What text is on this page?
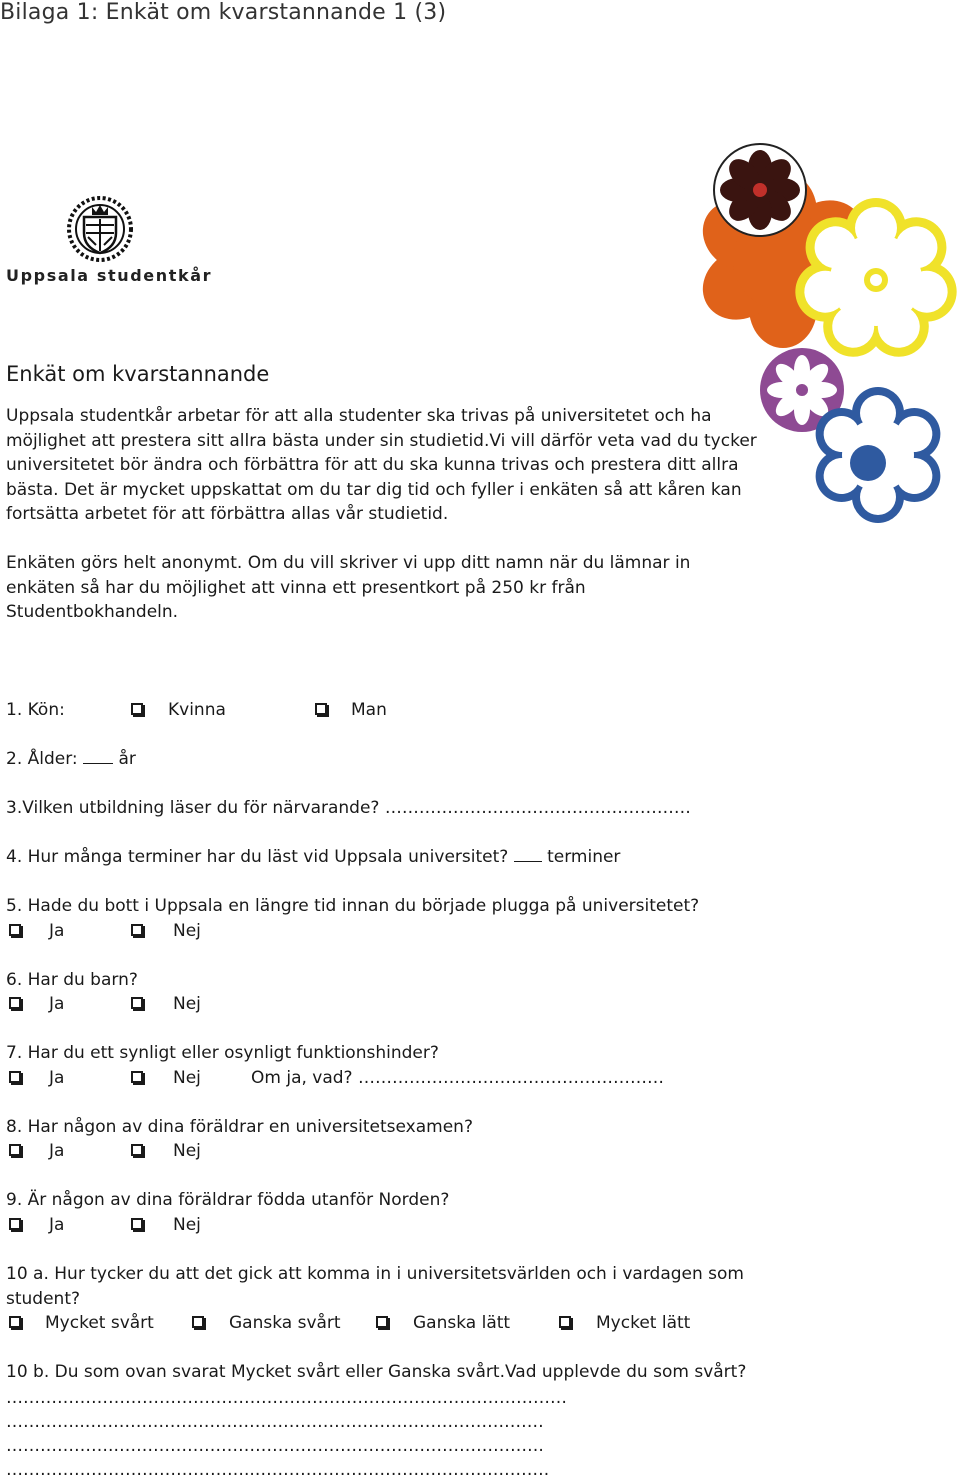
Bilaga 1: Enkät om kvarstannande 1 (3)
Uppsala studentkår
Enkät om kvarstannande
Uppsala studentkår arbetar för att alla studenter ska trivas på universitetet och ha möjlighet att prestera sitt allra bästa under sin studietid.Vi vill därför veta vad du tycker universitetet bör ändra och förbättra för att du ska kunna trivas och prestera ditt allra bästa. Det är mycket uppskattat om du tar dig tid och fyller i enkäten så att kåren kan fortsätta arbetet för att förbättra allas vår studietid.
Enkäten görs helt anonymt. Om du vill skriver vi upp ditt namn när du lämnar in enkäten så har du möjlighet att vinna ett presentkort på 250 kr från Studentbokhandeln.
1. Kön:	Kvinna	Man
2. Ålder: år
3.Vilken utbildning läser du för närvarande? ………………………………………………
4. Hur många terminer har du läst vid Uppsala universitet? terminer
5. Hade du bott i Uppsala en längre tid innan du började plugga på universitetet?
Ja	Nej
6. Har du barn?
Ja	Nej
7. Har du ett synligt eller osynligt funktionshinder?
Ja	Nej	Om ja, vad? ………………………………………………
8. Har någon av dina föräldrar en universitetsexamen?
Ja	Nej
9. Är någon av dina föräldrar födda utanför Norden?
Ja	Nej
10 a. Hur tycker du att det gick att komma in i universitetsvärlden och i vardagen som
student?
Mycket svårt	Ganska svårt	Ganska lätt	Mycket lätt
10 b. Du som ovan svarat Mycket svårt eller Ganska svårt.Vad upplevde du som svårt?
………………………………………………………………………………………
…………..………………………………………………………………………
……………….………………………………………………………………….
……………………………………..…………………………………………….
